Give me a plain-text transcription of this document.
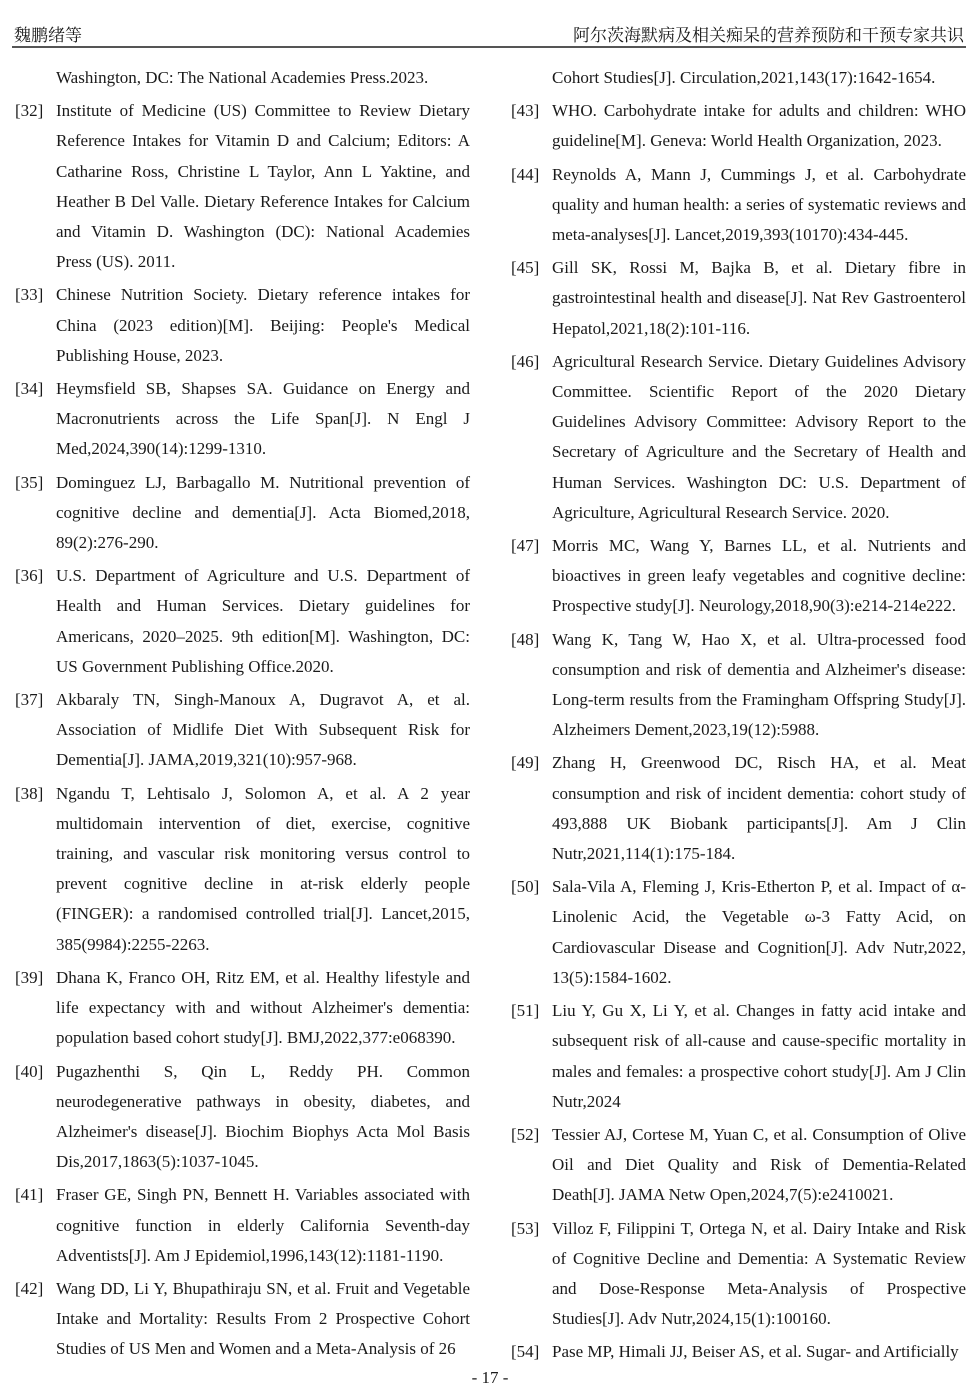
魏鹏绪等	阿尔茨海默病及相关痴呆的营养预防和干预专家共识
Washington, DC: The National Academies Press.2023.
[32] Institute of Medicine (US) Committee to Review Dietary Reference Intakes for Vitamin D and Calcium; Editors: A Catharine Ross, Christine L Taylor, Ann L Yaktine, and Heather B Del Valle. Dietary Reference Intakes for Calcium and Vitamin D. Washington (DC): National Academies Press (US). 2011.
[33] Chinese Nutrition Society. Dietary reference intakes for China (2023 edition)[M]. Beijing: People's Medical Publishing House, 2023.
[34] Heymsfield SB, Shapses SA. Guidance on Energy and Macronutrients across the Life Span[J]. N Engl J Med,2024,390(14):1299-1310.
[35] Dominguez LJ, Barbagallo M. Nutritional prevention of cognitive decline and dementia[J]. Acta Biomed,2018, 89(2):276-290.
[36] U.S. Department of Agriculture and U.S. Department of Health and Human Services. Dietary guidelines for Americans, 2020–2025. 9th edition[M]. Washington, DC: US Government Publishing Office.2020.
[37] Akbaraly TN, Singh-Manoux A, Dugravot A, et al. Association of Midlife Diet With Subsequent Risk for Dementia[J]. JAMA,2019,321(10):957-968.
[38] Ngandu T, Lehtisalo J, Solomon A, et al. A 2 year multidomain intervention of diet, exercise, cognitive training, and vascular risk monitoring versus control to prevent cognitive decline in at-risk elderly people (FINGER): a randomised controlled trial[J]. Lancet,2015, 385(9984):2255-2263.
[39] Dhana K, Franco OH, Ritz EM, et al. Healthy lifestyle and life expectancy with and without Alzheimer's dementia: population based cohort study[J]. BMJ,2022,377:e068390.
[40] Pugazhenthi S, Qin L, Reddy PH. Common neurodegenerative pathways in obesity, diabetes, and Alzheimer's disease[J]. Biochim Biophys Acta Mol Basis Dis,2017,1863(5):1037-1045.
[41] Fraser GE, Singh PN, Bennett H. Variables associated with cognitive function in elderly California Seventh-day Adventists[J]. Am J Epidemiol,1996,143(12):1181-1190.
[42] Wang DD, Li Y, Bhupathiraju SN, et al. Fruit and Vegetable Intake and Mortality: Results From 2 Prospective Cohort Studies of US Men and Women and a Meta-Analysis of 26
Cohort Studies[J]. Circulation,2021,143(17):1642-1654.
[43] WHO. Carbohydrate intake for adults and children: WHO guideline[M]. Geneva: World Health Organization, 2023.
[44] Reynolds A, Mann J, Cummings J, et al. Carbohydrate quality and human health: a series of systematic reviews and meta-analyses[J]. Lancet,2019,393(10170):434-445.
[45] Gill SK, Rossi M, Bajka B, et al. Dietary fibre in gastrointestinal health and disease[J]. Nat Rev Gastroenterol Hepatol,2021,18(2):101-116.
[46] Agricultural Research Service. Dietary Guidelines Advisory Committee. Scientific Report of the 2020 Dietary Guidelines Advisory Committee: Advisory Report to the Secretary of Agriculture and the Secretary of Health and Human Services. Washington DC: U.S. Department of Agriculture, Agricultural Research Service. 2020.
[47] Morris MC, Wang Y, Barnes LL, et al. Nutrients and bioactives in green leafy vegetables and cognitive decline: Prospective study[J]. Neurology,2018,90(3):e214-214e222.
[48] Wang K, Tang W, Hao X, et al. Ultra-processed food consumption and risk of dementia and Alzheimer's disease: Long-term results from the Framingham Offspring Study[J]. Alzheimers Dement,2023,19(12):5988.
[49] Zhang H, Greenwood DC, Risch HA, et al. Meat consumption and risk of incident dementia: cohort study of 493,888 UK Biobank participants[J]. Am J Clin Nutr,2021,114(1):175-184.
[50] Sala-Vila A, Fleming J, Kris-Etherton P, et al. Impact of α-Linolenic Acid, the Vegetable ω-3 Fatty Acid, on Cardiovascular Disease and Cognition[J]. Adv Nutr,2022, 13(5):1584-1602.
[51] Liu Y, Gu X, Li Y, et al. Changes in fatty acid intake and subsequent risk of all-cause and cause-specific mortality in males and females: a prospective cohort study[J]. Am J Clin Nutr,2024
[52] Tessier AJ, Cortese M, Yuan C, et al. Consumption of Olive Oil and Diet Quality and Risk of Dementia-Related Death[J]. JAMA Netw Open,2024,7(5):e2410021.
[53] Villoz F, Filippini T, Ortega N, et al. Dairy Intake and Risk of Cognitive Decline and Dementia: A Systematic Review and Dose-Response Meta-Analysis of Prospective Studies[J]. Adv Nutr,2024,15(1):100160.
[54] Pase MP, Himali JJ, Beiser AS, et al. Sugar- and Artificially
- 17 -
